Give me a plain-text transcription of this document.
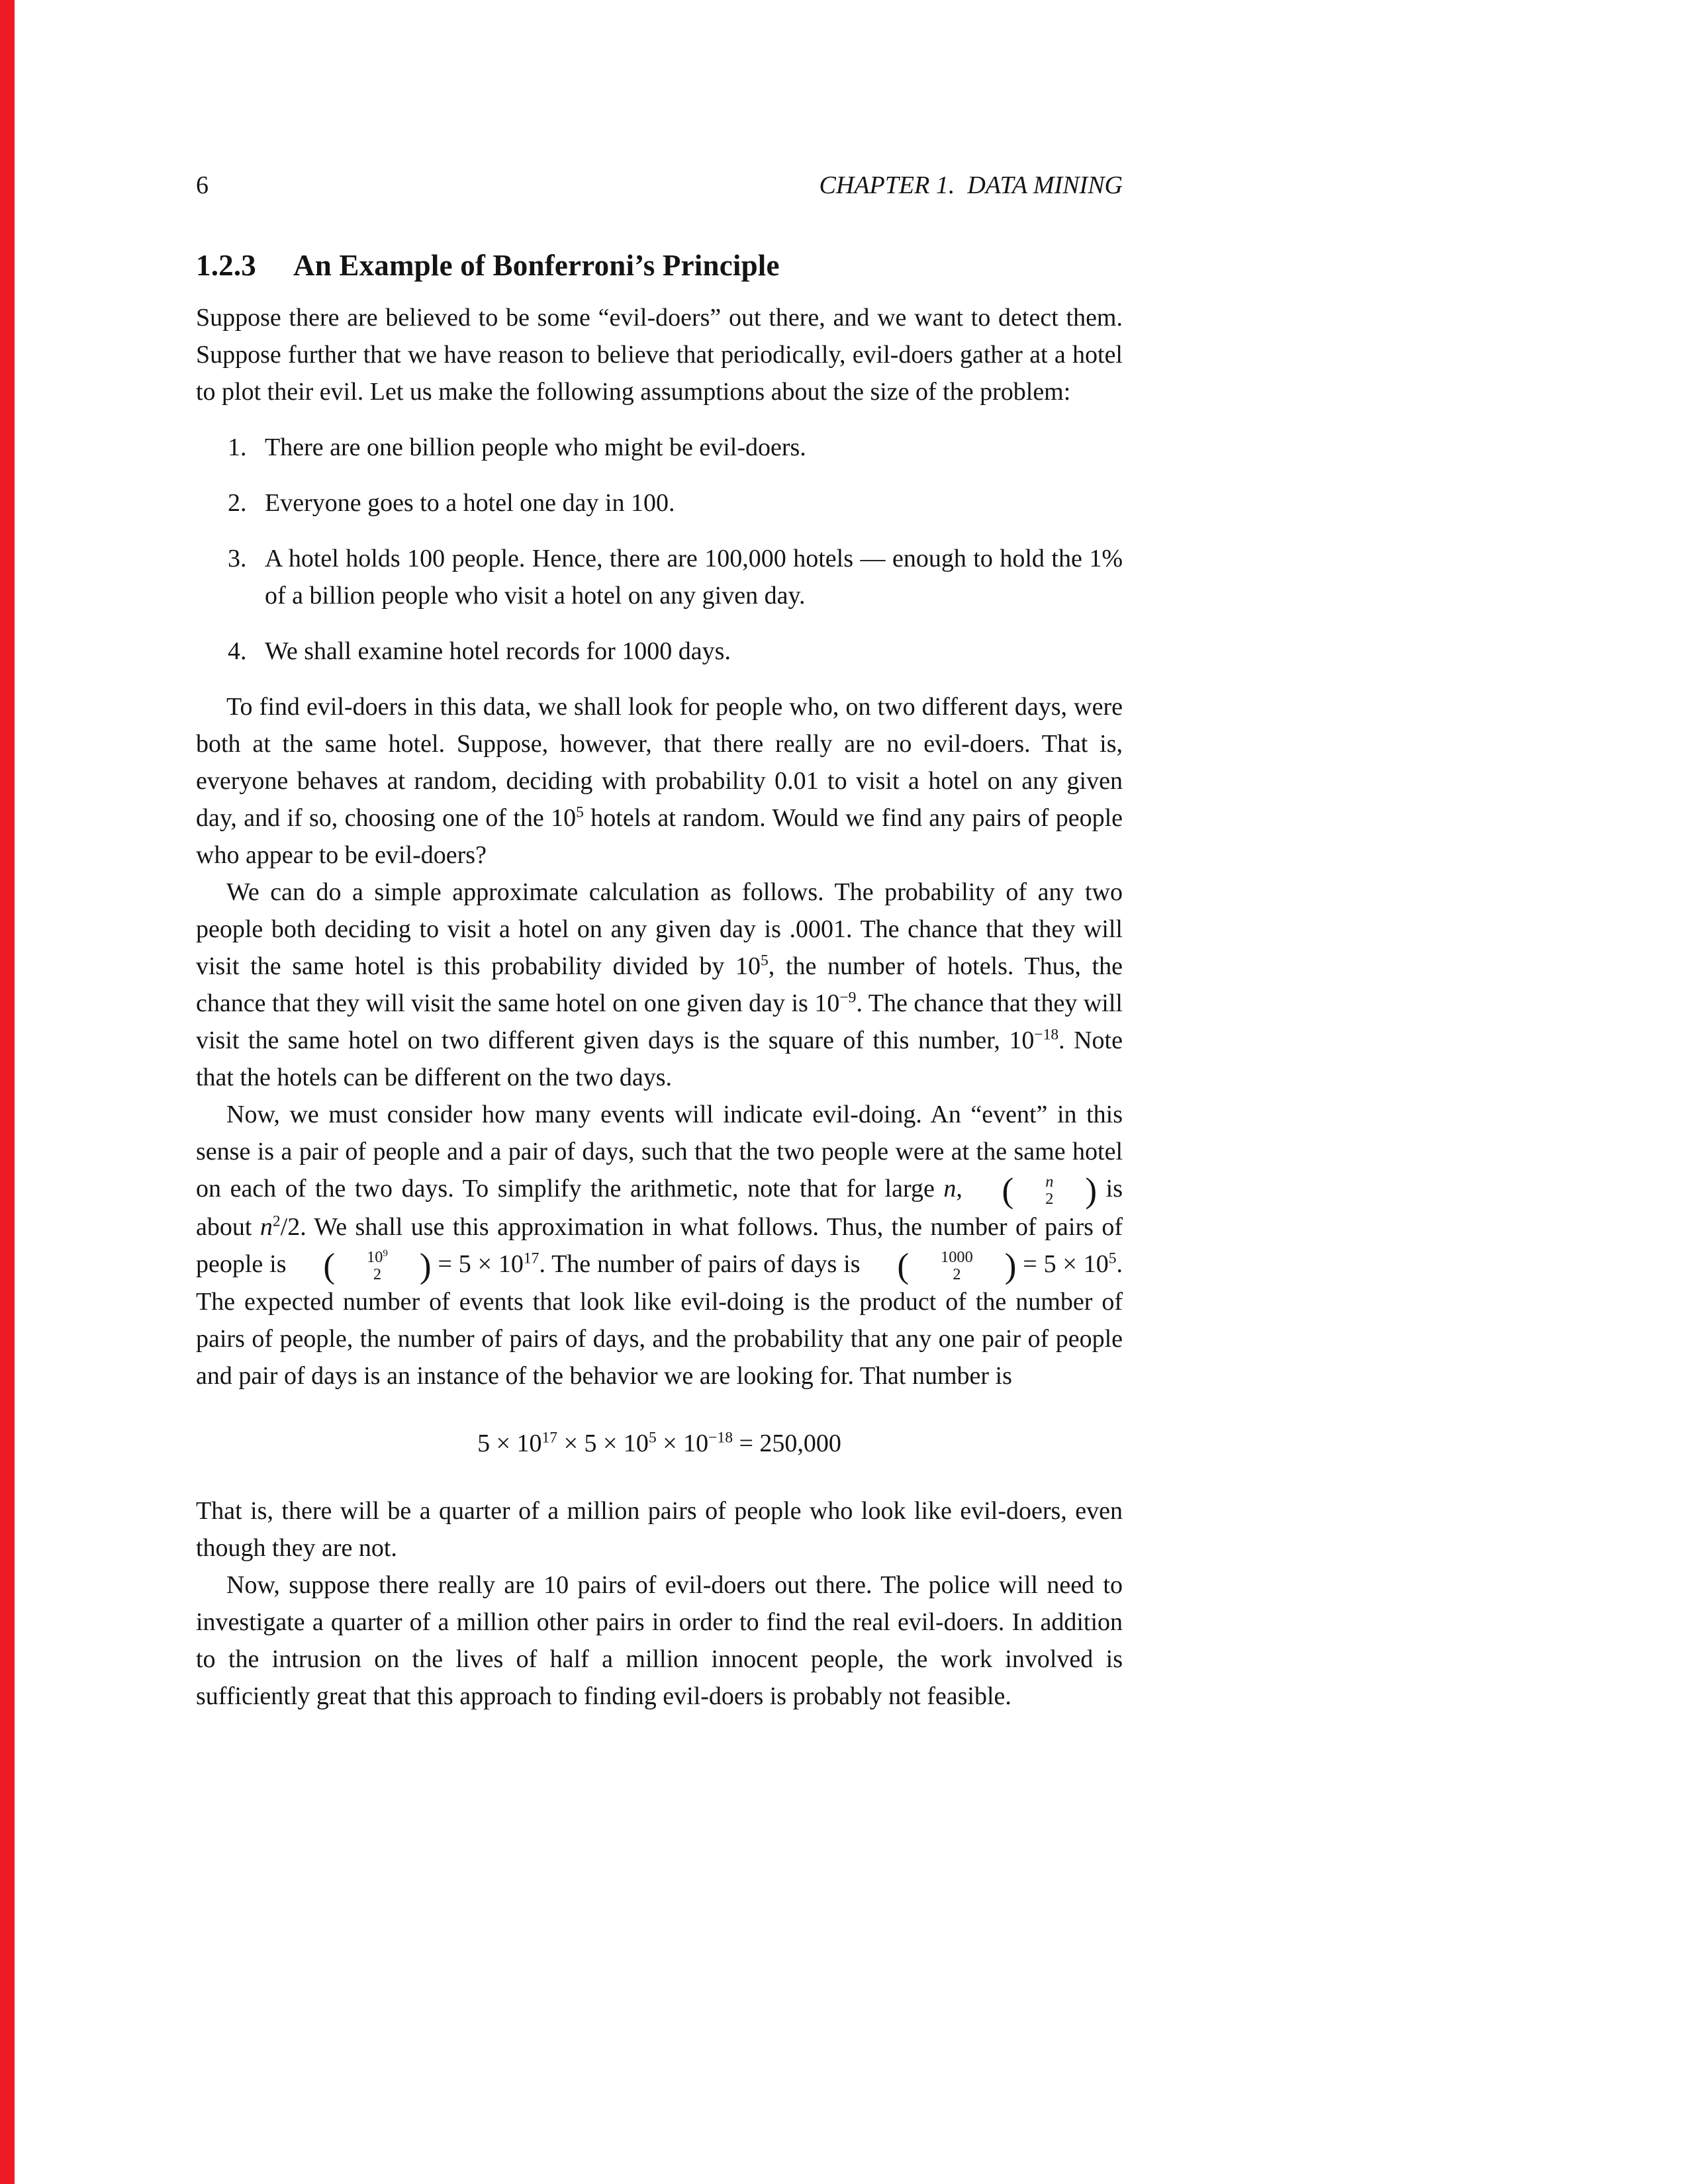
6	CHAPTER 1.  DATA MINING
1.2.3 An Example of Bonferroni’s Principle

Suppose there are believed to be some “evil-doers” out there, and we want to detect them. Suppose further that we have reason to believe that periodically, evil-doers gather at a hotel to plot their evil. Let us make the following assumptions about the size of the problem:

1. There are one billion people who might be evil-doers.
2. Everyone goes to a hotel one day in 100.
3. A hotel holds 100 people. Hence, there are 100,000 hotels — enough to hold the 1% of a billion people who visit a hotel on any given day.
4. We shall examine hotel records for 1000 days.

To find evil-doers in this data, we shall look for people who, on two different days, were both at the same hotel. Suppose, however, that there really are no evil-doers. That is, everyone behaves at random, deciding with probability 0.01 to visit a hotel on any given day, and if so, choosing one of the $10^5$ hotels at random. Would we find any pairs of people who appear to be evil-doers?

We can do a simple approximate calculation as follows. The probability of any two people both deciding to visit a hotel on any given day is .0001. The chance that they will visit the same hotel is this probability divided by $10^5$, the number of hotels. Thus, the chance that they will visit the same hotel on one given day is $10^{-9}$. The chance that they will visit the same hotel on two different given days is the square of this number, $10^{-18}$. Note that the hotels can be different on the two days.

Now, we must consider how many events will indicate evil-doing. An “event” in this sense is a pair of people and a pair of days, such that the two people were at the same hotel on each of the two days. To simplify the arithmetic, note that for large n, (	n
2 ) is about $n^2/2$. We shall use this approximation in what follows. Thus, the number of pairs of people is (	$10^9$
2	) = $5 \times 10^{17}$. The number of pairs of days is (	1000
2	) = $5 \times 10^5$. The expected number of events that look like evil-doing is the product of the number of pairs of people, the number of pairs of days, and the probability that any one pair of people and pair of days is an instance of the behavior we are looking for. That number is

$5 \times 10^{17} \times 5 \times 10^5 \times 10^{-18} = 250,000$

That is, there will be a quarter of a million pairs of people who look like evil-doers, even though they are not.

Now, suppose there really are 10 pairs of evil-doers out there. The police will need to investigate a quarter of a million other pairs in order to find the real evil-doers. In addition to the intrusion on the lives of half a million innocent people, the work involved is sufficiently great that this approach to finding evil-doers is probably not feasible.
